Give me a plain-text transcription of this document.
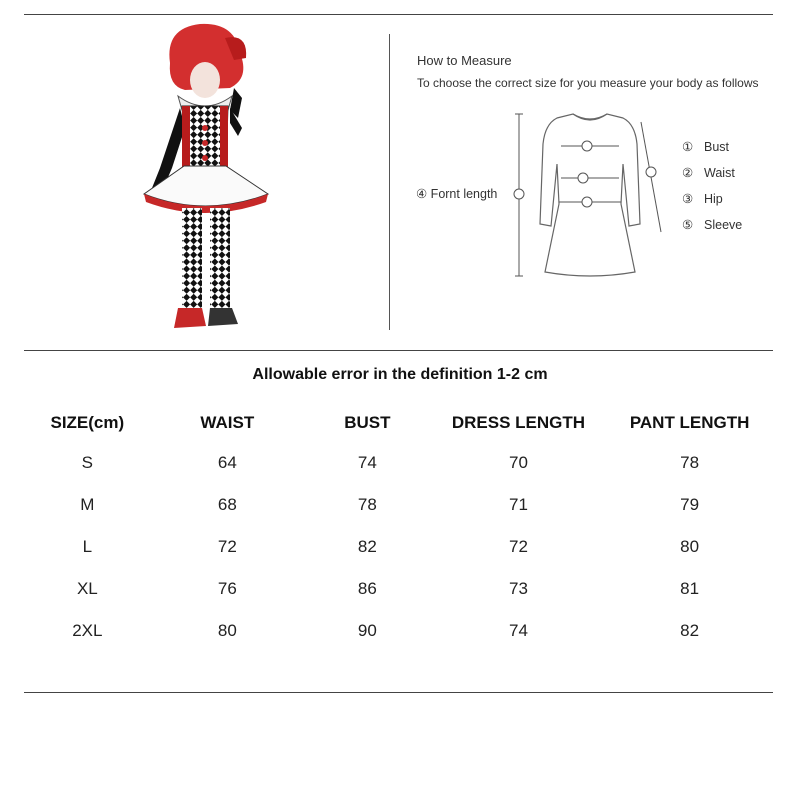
How to Measure
To choose the correct size for you measure your body as follows
④ Fornt length
① Bust
② Waist
③ Hip
⑤ Sleeve
Allowable error in the definition 1-2 cm
SIZE(cm)	WAIST	BUST	DRESS LENGTH	PANT LENGTH
S	64	74	70	78
M	68	78	71	79
L	72	82	72	80
XL	76	86	73	81
2XL	80	90	74	82
